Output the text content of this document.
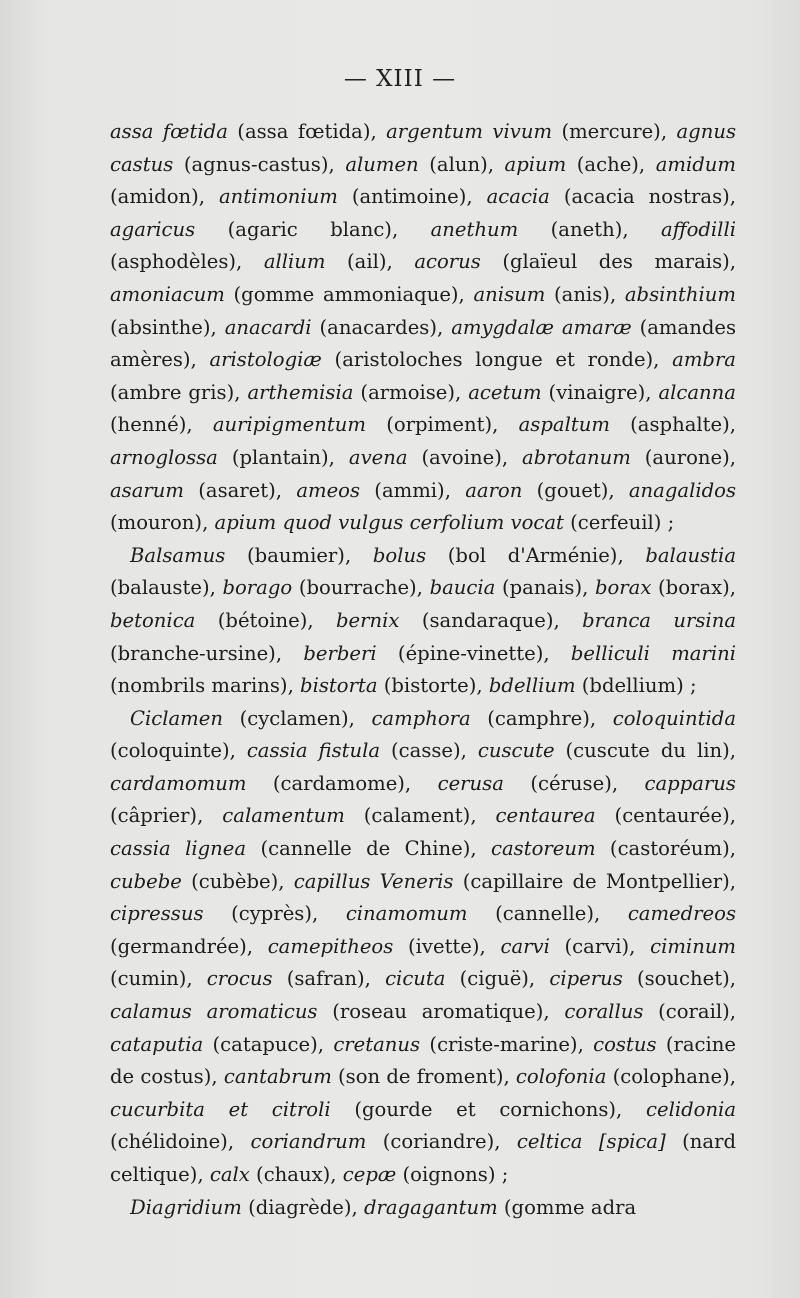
— XIII —

assa fœtida (assa fœtida), argentum vivum (mercure), agnus castus (agnus-castus), alumen (alun), apium (ache), amidum (amidon), antimonium (antimoine), acacia (acacia nostras), agaricus (agaric blanc), anethum (aneth), affodilli (asphodèles), allium (ail), acorus (glaïeul des marais), amoniacum (gomme ammoniaque), anisum (anis), absinthium (absinthe), anacardi (anacardes), amygdalæ amaræ (amandes amères), aristologiæ (aristoloches longue et ronde), ambra (ambre gris), arthemisia (armoise), acetum (vinaigre), alcanna (henné), auripigmentum (orpiment), aspaltum (asphalte), arnoglossa (plantain), avena (avoine), abrotanum (aurone), asarum (asaret), ameos (ammi), aaron (gouet), anagalidos (mouron), apium quod vulgus cerfolium vocat (cerfeuil) ;

Balsamus (baumier), bolus (bol d'Arménie), balaustia (balauste), borago (bourrache), baucia (panais), borax (borax), betonica (bétoine), bernix (sandaraque), branca ursina (branche-ursine), berberi (épine-vinette), belliculi marini (nombrils marins), bistorta (bistorte), bdellium (bdellium) ;

Ciclamen (cyclamen), camphora (camphre), coloquintida (coloquinte), cassia fistula (casse), cuscute (cuscute du lin), cardamomum (cardamome), cerusa (céruse), capparus (câprier), calamentum (calament), centaurea (centaurée), cassia lignea (cannelle de Chine), castoreum (castoréum), cubebe (cubèbe), capillus Veneris (capillaire de Montpellier), cipressus (cyprès), cinamomum (cannelle), camedreos (germandrée), camepitheos (ivette), carvi (carvi), ciminum (cumin), crocus (safran), cicuta (ciguë), ciperus (souchet), calamus aromaticus (roseau aromatique), corallus (corail), cataputia (catapuce), cretanus (criste-marine), costus (racine de costus), cantabrum (son de froment), colofonia (colophane), cucurbita et citroli (gourde et cornichons), celidonia (chélidoine), coriandrum (coriandre), celtica [spica] (nard celtique), calx (chaux), cepæ (oignons) ;

Diagridium (diagrède), dragagantum (gomme adra
